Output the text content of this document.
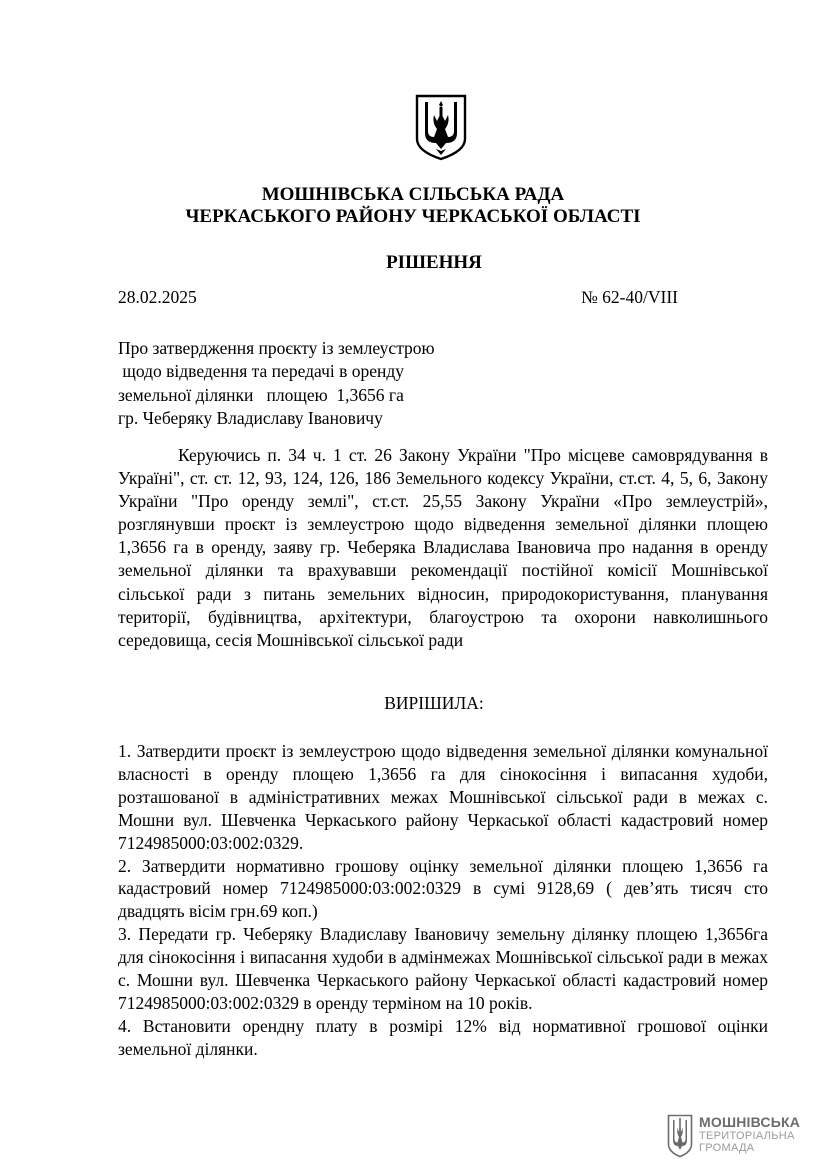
МОШНІВСЬКА СІЛЬСЬКА РАДА
ЧЕРКАСЬКОГО РАЙОНУ ЧЕРКАСЬКОЇ ОБЛАСТІ
РІШЕННЯ
28.02.2025	№ 62-40/VIII
Про затвердження проєкту із землеустрою
щодо відведення та передачі в оренду
земельної ділянки   площею  1,3656 га
гр. Чеберяку Владиславу Івановичу
Керуючись п. 34 ч. 1 ст. 26 Закону України "Про місцеве самоврядування в Україні", ст. ст. 12, 93, 124, 126, 186 Земельного кодексу України, ст.ст. 4, 5, 6, Закону України "Про оренду землі", ст.ст. 25,55 Закону України «Про землеустрій», розглянувши проєкт із землеустрою щодо відведення земельної ділянки площею 1,3656 га в оренду, заяву гр. Чеберяка Владислава Івановича про надання в оренду земельної ділянки та врахувавши рекомендації постійної комісії Мошнівської сільської ради з питань земельних відносин, природокористування, планування території, будівництва, архітектури, благоустрою та охорони навколишнього середовища, сесія Мошнівської сільської ради
ВИРІШИЛА:

1. Затвердити проєкт із землеустрою щодо відведення земельної ділянки комунальної власності в оренду площею 1,3656 га для сінокосіння і випасання худоби, розташованої в адміністративних межах Мошнівської сільської ради в межах с. Мошни вул. Шевченка Черкаського району Черкаської області кадастровий номер 7124985000:03:002:0329.

2. Затвердити нормативно грошову оцінку земельної ділянки площею 1,3656 га кадастровий номер 7124985000:03:002:0329 в сумі 9128,69 ( дев’ять тисяч сто двадцять вісім грн.69 коп.)

3. Передати гр. Чеберяку Владиславу Івановичу земельну ділянку площею 1,3656га для сінокосіння і випасання худоби в адмінмежах Мошнівської сільської ради в межах с. Мошни вул. Шевченка Черкаського району Черкаської області кадастровий номер 7124985000:03:002:0329 в оренду терміном на 10 років.

4. Встановити орендну плату в розмірі 12% від нормативної грошової оцінки земельної ділянки.

МОШНІВСЬКА
ТЕРИТОРІАЛЬНА
ГРОМАДА
